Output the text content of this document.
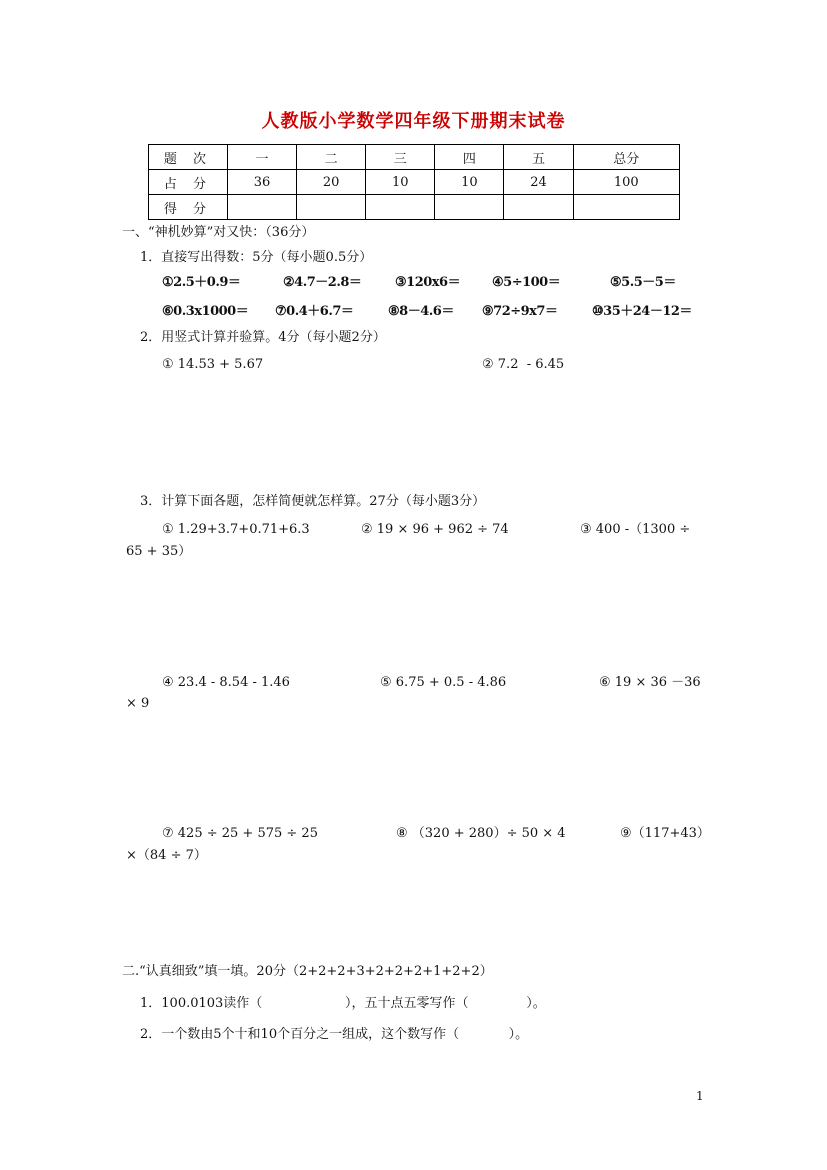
人教版小学数学四年级下册期末试卷
题 次	一	二	三	四	五	总分
占 分	36	20	10	10	24	100
得 分						
一、“神机妙算”对又快：（36分）
1．直接写出得数：5分（每小题0.5分）
①2.5＋0.9＝	②4.7－2.8＝	③120x6＝ ④5÷100＝	⑤5.5－5＝
⑥0.3x1000＝ ⑦0.4＋6.7＝	⑧8－4.6＝ ⑨72÷9x7＝	⑩35＋24－12＝
2．用竖式计算并验算。4分（每小题2分）
① 14.53 + 5.67	② 7.2  - 6.45
3．计算下面各题，怎样简便就怎样算。27分（每小题3分）
① 1.29+3.7+0.71+6.3	② 19 × 96 + 962 ÷ 74	③ 400 -（1300 ÷
65 + 35）
④ 23.4 - 8.54 - 1.46	⑤ 6.75 + 0.5 - 4.86	⑥ 19 × 36 －36
× 9
⑦ 425 ÷ 25 + 575 ÷ 25	⑧ （320 + 280）÷ 50 × 4	⑨（117+43）
×（84 ÷ 7）
二.“认真细致”填一填。20分（2+2+2+3+2+2+2+1+2+2）
1．100.0103读作（                    ），五十点五零写作（              ）。
2．一个数由5个十和10个百分之一组成，这个数写作（            ）。
1
